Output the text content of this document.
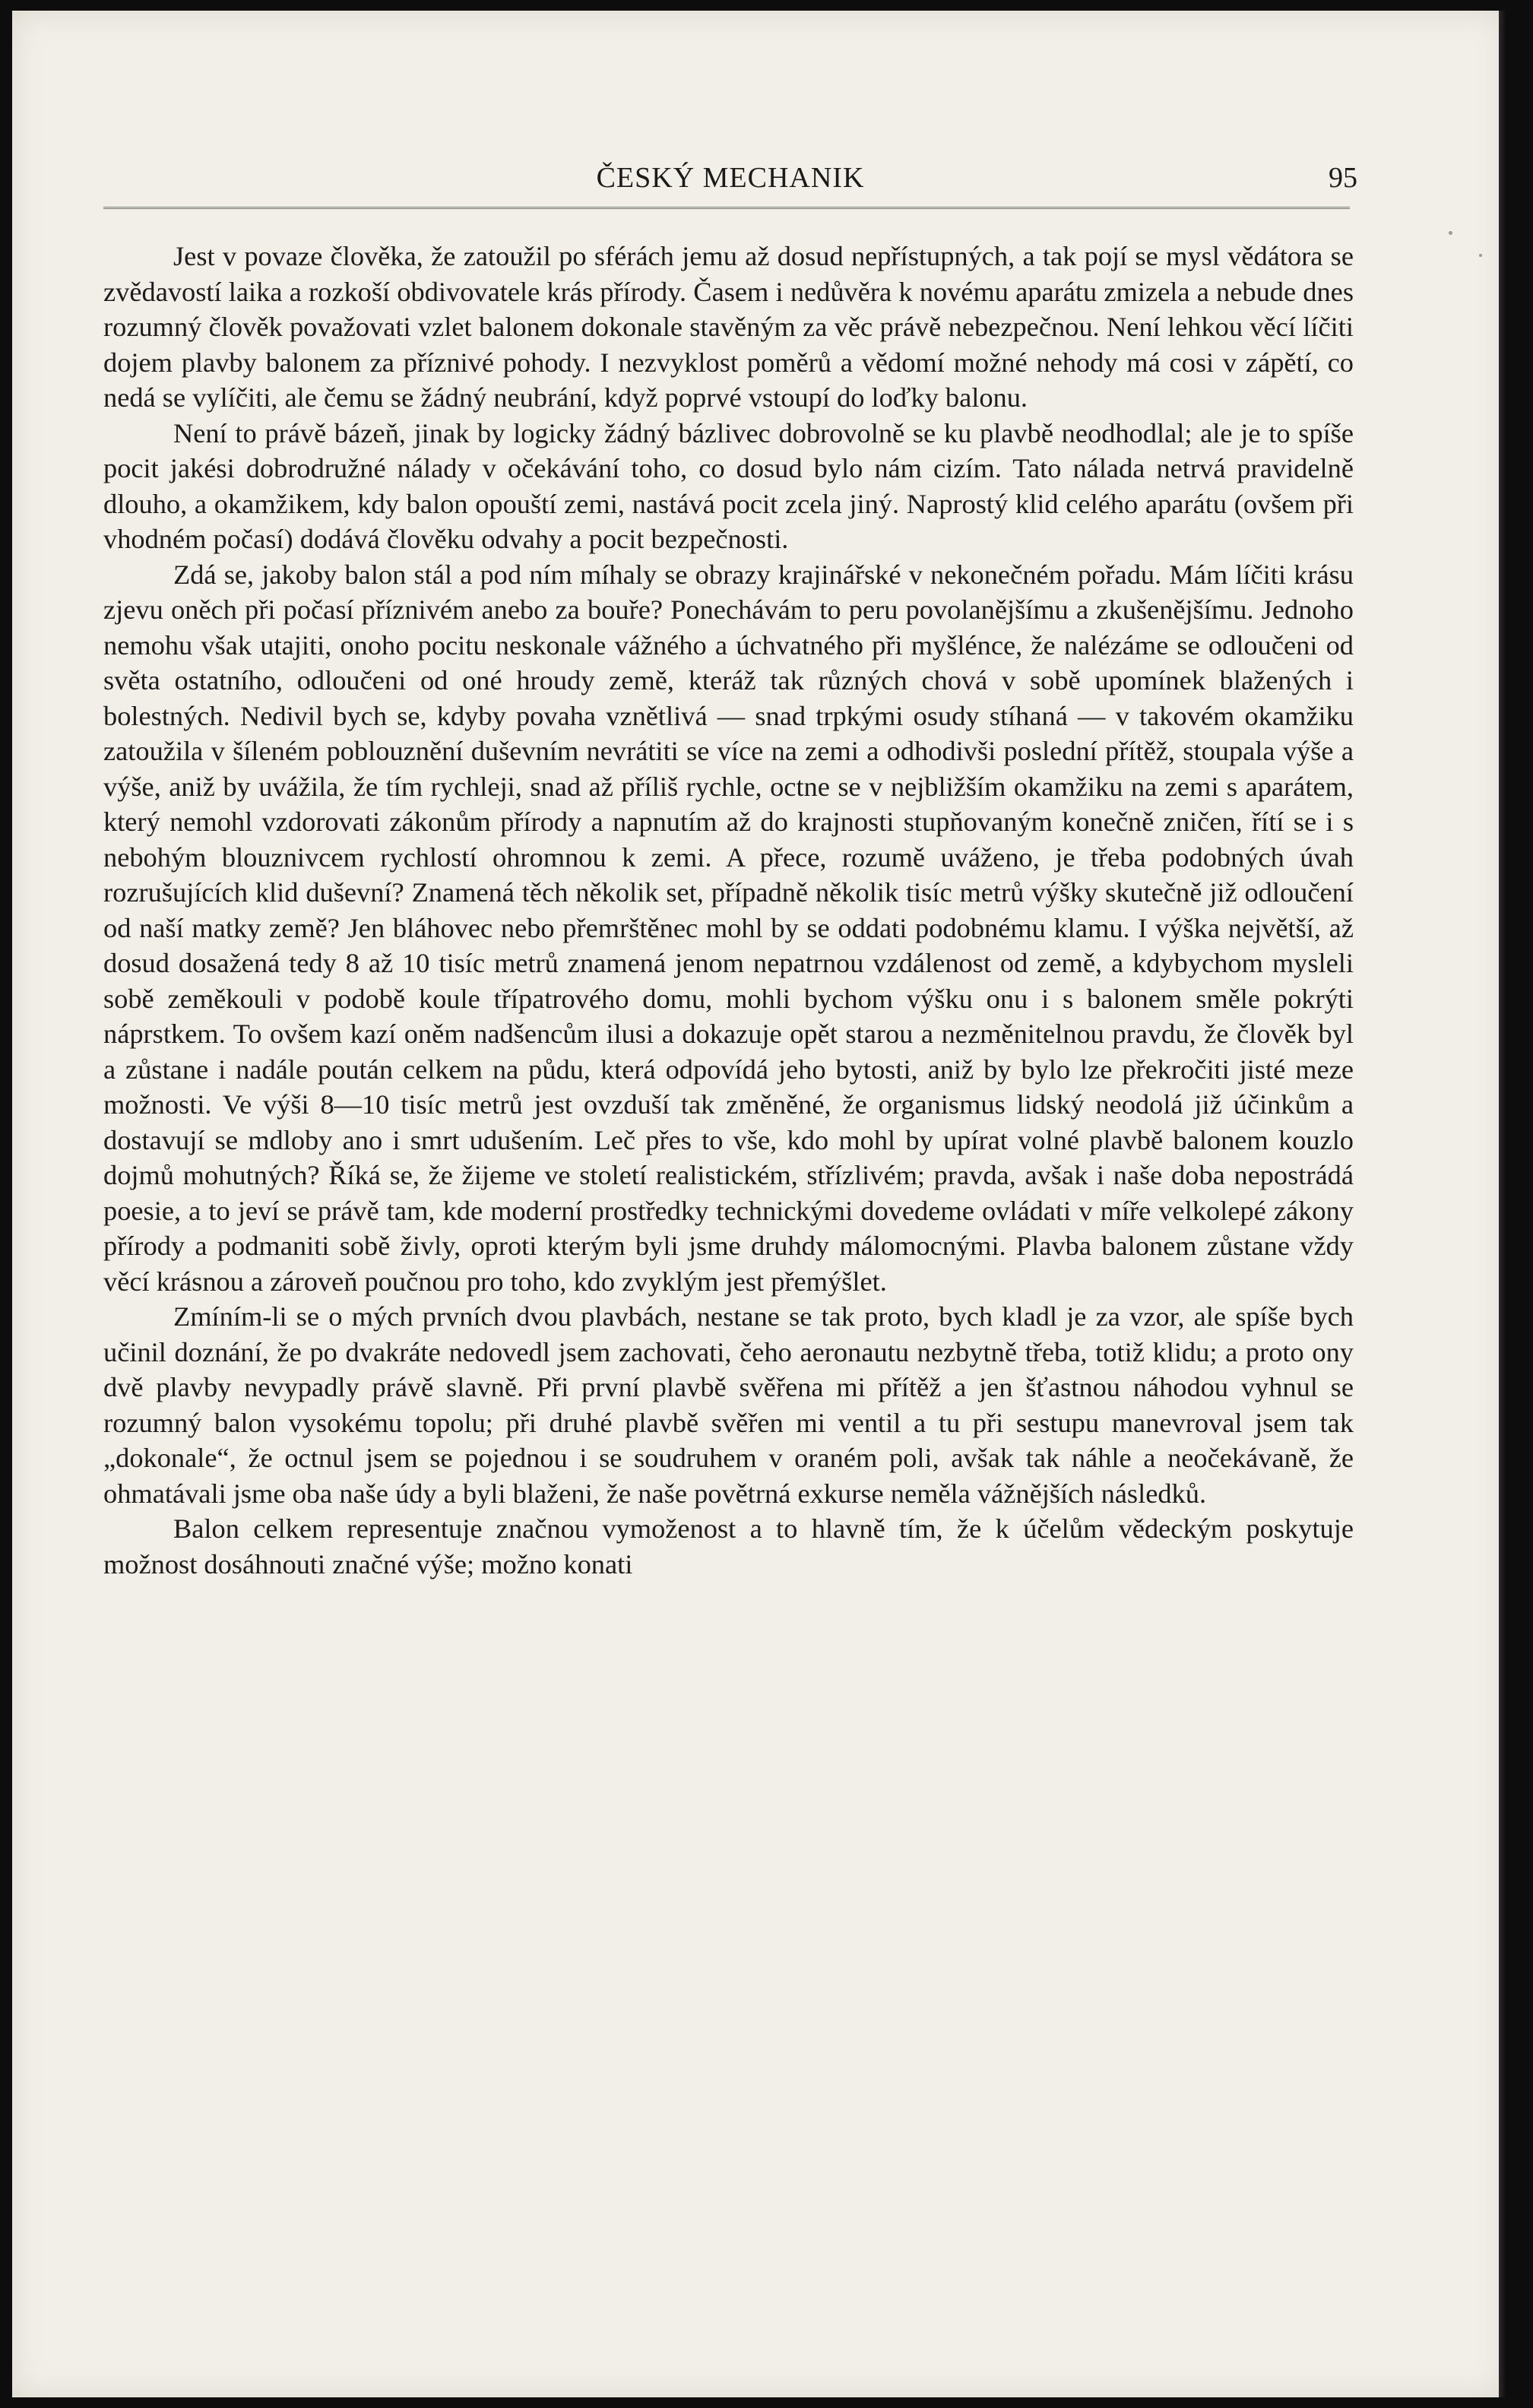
ČESKÝ MECHANIK	95

Jest v povaze člověka, že zatoužil po sférách jemu až dosud nepřístupných, a tak pojí se mysl vědátora se zvědavostí laika a rozkoší obdivovatele krás přírody. Časem i nedůvěra k novému aparátu zmizela a nebude dnes rozumný člověk považovati vzlet balonem dokonale stavěným za věc právě nebezpečnou. Není lehkou věcí líčiti dojem plavby balonem za příznivé pohody. I nezvyklost poměrů a vědomí možné nehody má cosi v zápětí, co nedá se vylíčiti, ale čemu se žádný neubrání, když poprvé vstoupí do loďky balonu.

Není to právě bázeň, jinak by logicky žádný bázlivec dobrovolně se ku plavbě neodhodlal; ale je to spíše pocit jakési dobrodružné nálady v očekávání toho, co dosud bylo nám cizím. Tato nálada netrvá pravidelně dlouho, a okamžikem, kdy balon opouští zemi, nastává pocit zcela jiný. Naprostý klid celého aparátu (ovšem při vhodném počasí) dodává člověku odvahy a pocit bezpečnosti.

Zdá se, jakoby balon stál a pod ním míhaly se obrazy krajinářské v nekonečném pořadu. Mám líčiti krásu zjevu oněch při počasí příznivém anebo za bouře? Ponechávám to peru povolanějšímu a zkušenějšímu. Jednoho nemohu však utajiti, onoho pocitu neskonale vážného a úchvatného při myšlénce, že nalézáme se odloučeni od světa ostatního, odloučeni od oné hroudy země, kteráž tak různých chová v sobě upomínek blažených i bolestných. Nedivil bych se, kdyby povaha vznětlivá — snad trpkými osudy stíhaná — v takovém okamžiku zatoužila v šíleném poblouznění duševním nevrátiti se více na zemi a odhodivši poslední přítěž, stoupala výše a výše, aniž by uvážila, že tím rychleji, snad až příliš rychle, octne se v nejbližším okamžiku na zemi s aparátem, který nemohl vzdorovati zákonům přírody a napnutím až do krajnosti stupňovaným konečně zničen, řítí se i s nebohým blouznivcem rychlostí ohromnou k zemi. A přece, rozumě uváženo, je třeba podobných úvah rozrušujících klid duševní? Znamená těch několik set, případně několik tisíc metrů výšky skutečně již odloučení od naší matky země? Jen bláhovec nebo přemrštěnec mohl by se oddati podobnému klamu. I výška největší, až dosud dosažená tedy 8 až 10 tisíc metrů znamená jenom nepatrnou vzdálenost od země, a kdybychom mysleli sobě zeměkouli v podobě koule třípatrového domu, mohli bychom výšku onu i s balonem směle pokrýti náprstkem. To ovšem kazí oněm nadšencům ilusi a dokazuje opět starou a nezměnitelnou pravdu, že člověk byl a zůstane i nadále poután celkem na půdu, která odpovídá jeho bytosti, aniž by bylo lze překročiti jisté meze možnosti. Ve výši 8—10 tisíc metrů jest ovzduší tak změněné, že organismus lidský neodolá již účinkům a dostavují se mdloby ano i smrt udušením. Leč přes to vše, kdo mohl by upírat volné plavbě balonem kouzlo dojmů mohutných? Říká se, že žijeme ve století realistickém, střízlivém; pravda, avšak i naše doba nepostrádá poesie, a to jeví se právě tam, kde moderní prostředky technickými dovedeme ovládati v míře velkolepé zákony přírody a podmaniti sobě živly, oproti kterým byli jsme druhdy málomocnými. Plavba balonem zůstane vždy věcí krásnou a zároveň poučnou pro toho, kdo zvyklým jest přemýšlet.

Zmíním-li se o mých prvních dvou plavbách, nestane se tak proto, bych kladl je za vzor, ale spíše bych učinil doznání, že po dvakráte nedovedl jsem zachovati, čeho aeronautu nezbytně třeba, totiž klidu; a proto ony dvě plavby nevypadly právě slavně. Při první plavbě svěřena mi přítěž a jen šťastnou náhodou vyhnul se rozumný balon vysokému topolu; při druhé plavbě svěřen mi ventil a tu při sestupu manevroval jsem tak „dokonale“, že octnul jsem se pojednou i se soudruhem v oraném poli, avšak tak náhle a neočekávaně, že ohmatávali jsme oba naše údy a byli blaženi, že naše povětrná exkurse neměla vážnějších následků.

Balon celkem representuje značnou vymoženost a to hlavně tím, že k účelům vědeckým poskytuje možnost dosáhnouti značné výše; možno konati
